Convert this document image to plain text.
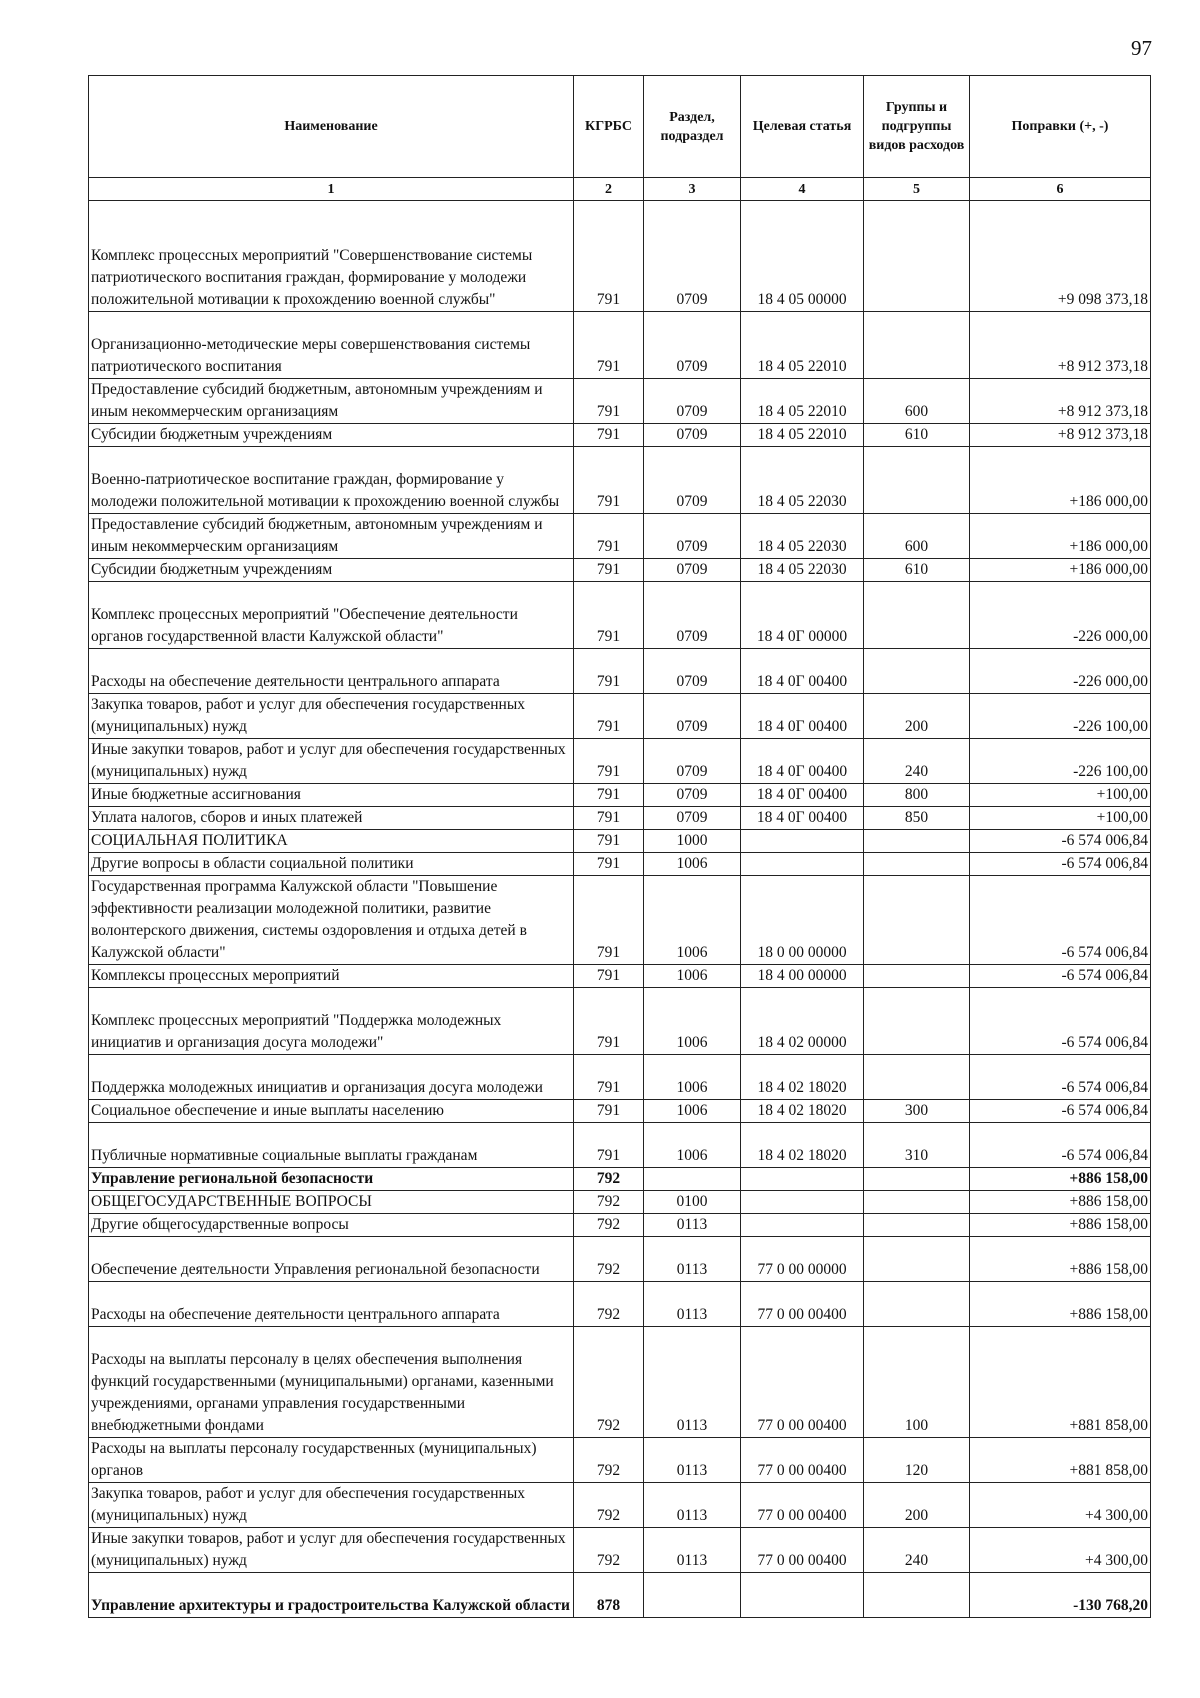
97
Наименование	КГРБС	Раздел, подраздел	Целевая статья	Группы и подгруппы видов расходов	Поправки (+, -)
1	2	3	4	5	6
Комплекс процессных мероприятий "Совершенствование системы патриотического воспитания граждан, формирование у молодежи положительной мотивации к прохождению военной службы"	791	0709	18 4 05 00000		+9 098 373,18
Организационно-методические меры совершенствования системы патриотического воспитания	791	0709	18 4 05 22010		+8 912 373,18
Предоставление субсидий бюджетным, автономным учреждениям и иным некоммерческим организациям	791	0709	18 4 05 22010	600	+8 912 373,18
Субсидии бюджетным учреждениям	791	0709	18 4 05 22010	610	+8 912 373,18
Военно-патриотическое воспитание граждан, формирование у молодежи положительной мотивации к прохождению военной службы	791	0709	18 4 05 22030		+186 000,00
Предоставление субсидий бюджетным, автономным учреждениям и иным некоммерческим организациям	791	0709	18 4 05 22030	600	+186 000,00
Субсидии бюджетным учреждениям	791	0709	18 4 05 22030	610	+186 000,00
Комплекс процессных мероприятий "Обеспечение деятельности органов государственной власти Калужской области"	791	0709	18 4 0Г 00000		-226 000,00
Расходы на обеспечение деятельности центрального аппарата	791	0709	18 4 0Г 00400		-226 000,00
Закупка товаров, работ и услуг для обеспечения государственных (муниципальных) нужд	791	0709	18 4 0Г 00400	200	-226 100,00
Иные закупки товаров, работ и услуг для обеспечения государственных (муниципальных) нужд	791	0709	18 4 0Г 00400	240	-226 100,00
Иные бюджетные ассигнования	791	0709	18 4 0Г 00400	800	+100,00
Уплата налогов, сборов и иных платежей	791	0709	18 4 0Г 00400	850	+100,00
СОЦИАЛЬНАЯ ПОЛИТИКА	791	1000			-6 574 006,84
Другие вопросы в области социальной политики	791	1006			-6 574 006,84
Государственная программа Калужской области "Повышение эффективности реализации молодежной политики, развитие волонтерского движения, системы оздоровления и отдыха детей в Калужской области"	791	1006	18 0 00 00000		-6 574 006,84
Комплексы процессных мероприятий	791	1006	18 4 00 00000		-6 574 006,84
Комплекс процессных мероприятий "Поддержка молодежных инициатив и организация досуга молодежи"	791	1006	18 4 02 00000		-6 574 006,84
Поддержка молодежных инициатив и организация досуга молодежи	791	1006	18 4 02 18020		-6 574 006,84
Социальное обеспечение и иные выплаты населению	791	1006	18 4 02 18020	300	-6 574 006,84
Публичные нормативные социальные выплаты гражданам	791	1006	18 4 02 18020	310	-6 574 006,84
Управление региональной безопасности	792				+886 158,00
ОБЩЕГОСУДАРСТВЕННЫЕ ВОПРОСЫ	792	0100			+886 158,00
Другие общегосударственные вопросы	792	0113			+886 158,00
Обеспечение деятельности Управления региональной безопасности	792	0113	77 0 00 00000		+886 158,00
Расходы на обеспечение деятельности центрального аппарата	792	0113	77 0 00 00400		+886 158,00
Расходы на выплаты персоналу в целях обеспечения выполнения функций государственными (муниципальными) органами, казенными учреждениями, органами управления государственными внебюджетными фондами	792	0113	77 0 00 00400	100	+881 858,00
Расходы на выплаты персоналу государственных (муниципальных) органов	792	0113	77 0 00 00400	120	+881 858,00
Закупка товаров, работ и услуг для обеспечения государственных (муниципальных) нужд	792	0113	77 0 00 00400	200	+4 300,00
Иные закупки товаров, работ и услуг для обеспечения государственных (муниципальных) нужд	792	0113	77 0 00 00400	240	+4 300,00
Управление архитектуры и градостроительства Калужской области	878				-130 768,20
